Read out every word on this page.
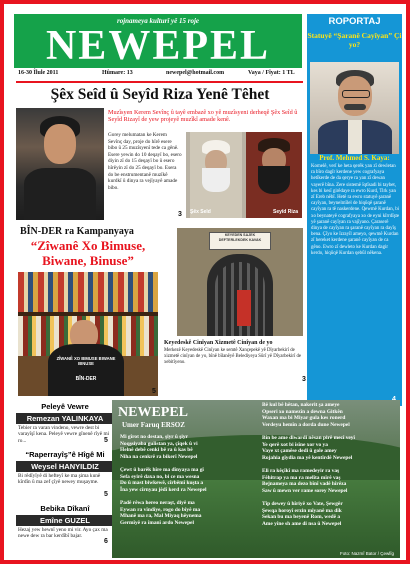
rojnameya kulturî yê 15 roje
NEWEPEL
16-30 Îlule 2011	Hûmare: 13	newepel@hotmail.com	Vaya / Fîyat: 1 TL
Şêx Seîd û Seyîd Riza Yenê Têhet
Muzîsyen Kerem Sevînç û tayê embazê xo yê muzîsyeni derheqê Şêx Seîd û Seyîd Rizayî de yew projeyê muzîkî amade kenê.
Gorey melumatan ke Kerem Sevînç day, proje do hîrê esere bibo û 25 muzîsyenî tede ca gênê. Esere yewin do 10 deqayî bo, esero diyin zî do 15 deqayî bo û esero hîrêyin zî do 25 deqayî bo. Esera do be enstrumentanê muzîkê kurdkî û dinya ra vejîyayê amade bibo.
Şêx Seîd	Seyîd Riza
3
BÎN-DER ra Kampanyaya
“Zîwanê Xo Bimuse, Biwane, Binuse”
ZÎWANÊ XO BIMUSE BIWANE BINUSE
BÎN-DER
5
KEYEDEN SAJEK DEFTERLEKDEK KAVAK
Keyedeskê Cinîyan Xizmetê Cinîyan de yo
Merkezê Keyedeskê Cinîyan ke semtê Xançepekê yê Dîyarbekirî de xizmetê cinîyan de yo, bînê bîlanêyê Belediyeya Sûrî yê Dîyarbekirî de xebitîyeno.
3
ROPORTAJ
Statuyê “Şaranê Cayîyan” Çi yo?
Prof. Mehmed S. Kaya:
Komelê, verî ke heta qerêk yan zî dewletan ra bîro dagîr kerdene yew cografyaya hetîkerde de da qerye ra yan zî dewan vayerê bîna. Zere sistemê îqtîsadi bi taybet, kes bi kesî girêdaye ra ewro Kurd, Tirk yan zî Ereb nêbî. Hetê ra ewro statuyê şaranê cayîyan, beynelmîlel de hiqûqê şaranê cayîyan ra tê naskerdene. Qewmê Kurdan, bi xo beynateyê cografyaya xo de eyni kîrrdîşte yê şaranê cayîyan ra vajîyano. Çaraserê dinya de cayîyan ra şaranê cayîyan ra dayîş bena. Çîyo ke îzrayîl ameyo, qewmê Kurdan zî hereket kerdene şaranê cayîyan de ca gêno. Ewro zî dewleto ke Kurdan dagir kerdo, hiqûqê Kurdan qebûl nêkena.
Peleyê Vewre
Remezan YALINKAYA
Tebier ra varan vindeno, vewre dest bi varayîşî kena. Peleyê vewre gînenê rîyê mi ro...	5
“Raperrayîş”ê Hîgê Mi
Weysel HANYILDIZ
Bi rêdîyîyê di hefteyî ke ma şima kunê kîrdîn û ma zef çîyê newey muşayme.
5
Bebika Dîkanî
Emîne GUZEL
Hezaj yew hewnî yeno mi vir. Ayo çax ma newe dew ra bar kerdîbî bajar.
6
NEWEPEL
Umer Faruq ERSOZ
Mi gîrot no destan, şiyr û şiyr
Noqşsiyaba gulistan ya, çîqek û vi
Helnê debê cenki bê ra û kas bê
Niha na cenkrê ra bikerî Newepel

Çewt û barêk hîre ma dînyaya ma gî
Sefa eyirê daxa no, bi ce ma wesna
Do û mast biwkewê, cîrbêmî kuşta a
Îna yew cîrnyau jêdî kerd ra Newepel

Padê rêwa hereo neraşt, diyê ma
Eywan ra vîndîye, rogo do bîyê ma
Mhanê ma ra, Mal Miyaq hêynema
Germîyê ra îmanî ardo Newepel
Bê kul bê hêtan, nakerit şa ameye
Opseri xo namezîn a dewna Gitkên
Waxan ma bi Miyar gula kes ronerd
Verdeyu hemîn a dorda dune Newepel

Bîn be ame diwardi nêsan pirê mecî veyî
Ye qerê xot bi îsîne xor vo ya
Vaye xt çamêse dedi û gole amey
Rojahia gîydia ma yê kentîrdê Newepel

Eli ra kêçîkî ma ramedeyir ra vaş
Fêhitrap ya ma ra melîta mîrê vaş
Bejnameya ma dezo bînî vadê hîrêza
Saw û mewn ver rame sorey Newepel

Tîp dewey û hîriyê xo Vate, Şewgêr
Şewqa horoyî erzin mîyanê ma dîk
Sekan bu ma beyenê Rom, wedê a
Ame yîne sh ame di nsa û Newepel
Foto: Nazmî Bator / Çewlîg
